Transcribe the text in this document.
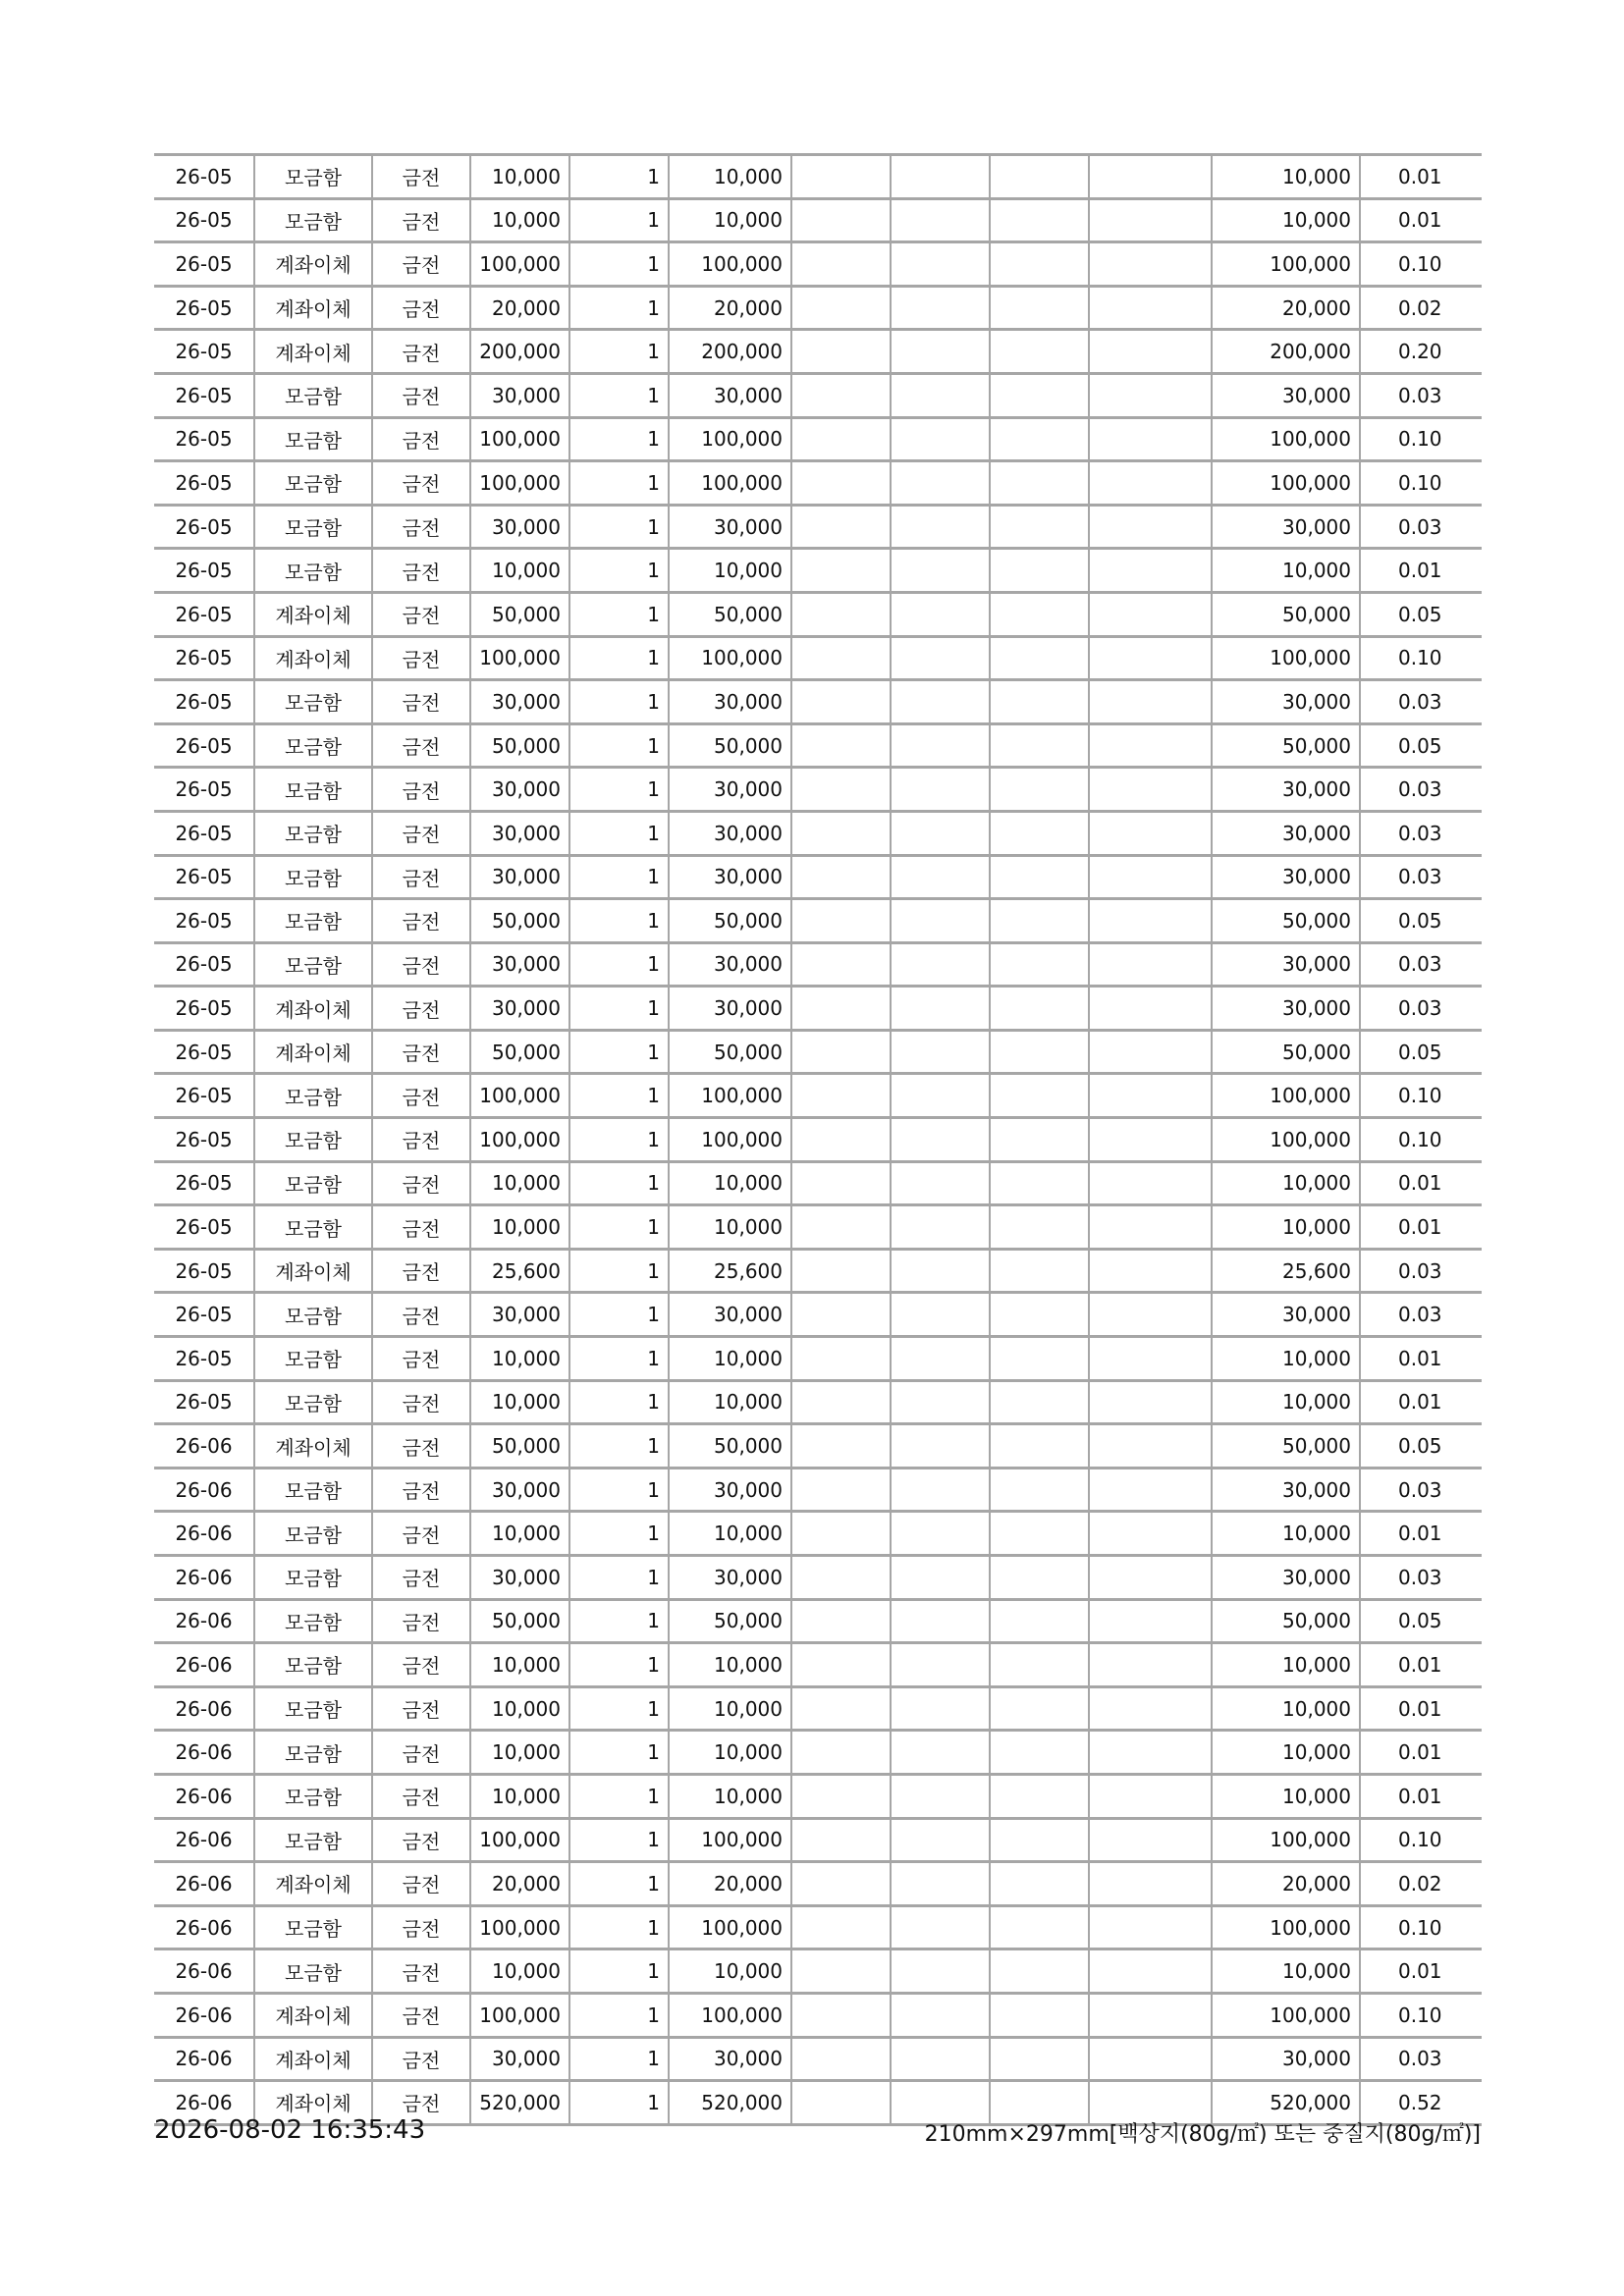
26-05	모금함	금전	10,000	1	10,000					10,000	0.01
26-05	모금함	금전	10,000	1	10,000					10,000	0.01
26-05	계좌이체	금전	100,000	1	100,000					100,000	0.10
26-05	계좌이체	금전	20,000	1	20,000					20,000	0.02
26-05	계좌이체	금전	200,000	1	200,000					200,000	0.20
26-05	모금함	금전	30,000	1	30,000					30,000	0.03
26-05	모금함	금전	100,000	1	100,000					100,000	0.10
26-05	모금함	금전	100,000	1	100,000					100,000	0.10
26-05	모금함	금전	30,000	1	30,000					30,000	0.03
26-05	모금함	금전	10,000	1	10,000					10,000	0.01
26-05	계좌이체	금전	50,000	1	50,000					50,000	0.05
26-05	계좌이체	금전	100,000	1	100,000					100,000	0.10
26-05	모금함	금전	30,000	1	30,000					30,000	0.03
26-05	모금함	금전	50,000	1	50,000					50,000	0.05
26-05	모금함	금전	30,000	1	30,000					30,000	0.03
26-05	모금함	금전	30,000	1	30,000					30,000	0.03
26-05	모금함	금전	30,000	1	30,000					30,000	0.03
26-05	모금함	금전	50,000	1	50,000					50,000	0.05
26-05	모금함	금전	30,000	1	30,000					30,000	0.03
26-05	계좌이체	금전	30,000	1	30,000					30,000	0.03
26-05	계좌이체	금전	50,000	1	50,000					50,000	0.05
26-05	모금함	금전	100,000	1	100,000					100,000	0.10
26-05	모금함	금전	100,000	1	100,000					100,000	0.10
26-05	모금함	금전	10,000	1	10,000					10,000	0.01
26-05	모금함	금전	10,000	1	10,000					10,000	0.01
26-05	계좌이체	금전	25,600	1	25,600					25,600	0.03
26-05	모금함	금전	30,000	1	30,000					30,000	0.03
26-05	모금함	금전	10,000	1	10,000					10,000	0.01
26-05	모금함	금전	10,000	1	10,000					10,000	0.01
26-06	계좌이체	금전	50,000	1	50,000					50,000	0.05
26-06	모금함	금전	30,000	1	30,000					30,000	0.03
26-06	모금함	금전	10,000	1	10,000					10,000	0.01
26-06	모금함	금전	30,000	1	30,000					30,000	0.03
26-06	모금함	금전	50,000	1	50,000					50,000	0.05
26-06	모금함	금전	10,000	1	10,000					10,000	0.01
26-06	모금함	금전	10,000	1	10,000					10,000	0.01
26-06	모금함	금전	10,000	1	10,000					10,000	0.01
26-06	모금함	금전	10,000	1	10,000					10,000	0.01
26-06	모금함	금전	100,000	1	100,000					100,000	0.10
26-06	계좌이체	금전	20,000	1	20,000					20,000	0.02
26-06	모금함	금전	100,000	1	100,000					100,000	0.10
26-06	모금함	금전	10,000	1	10,000					10,000	0.01
26-06	계좌이체	금전	100,000	1	100,000					100,000	0.10
26-06	계좌이체	금전	30,000	1	30,000					30,000	0.03
26-06	계좌이체	금전	520,000	1	520,000					520,000	0.52
2026-08-02 16:35:43	210mm×297mm[백상지(80g/㎡) 또는 중질지(80g/㎡)]
